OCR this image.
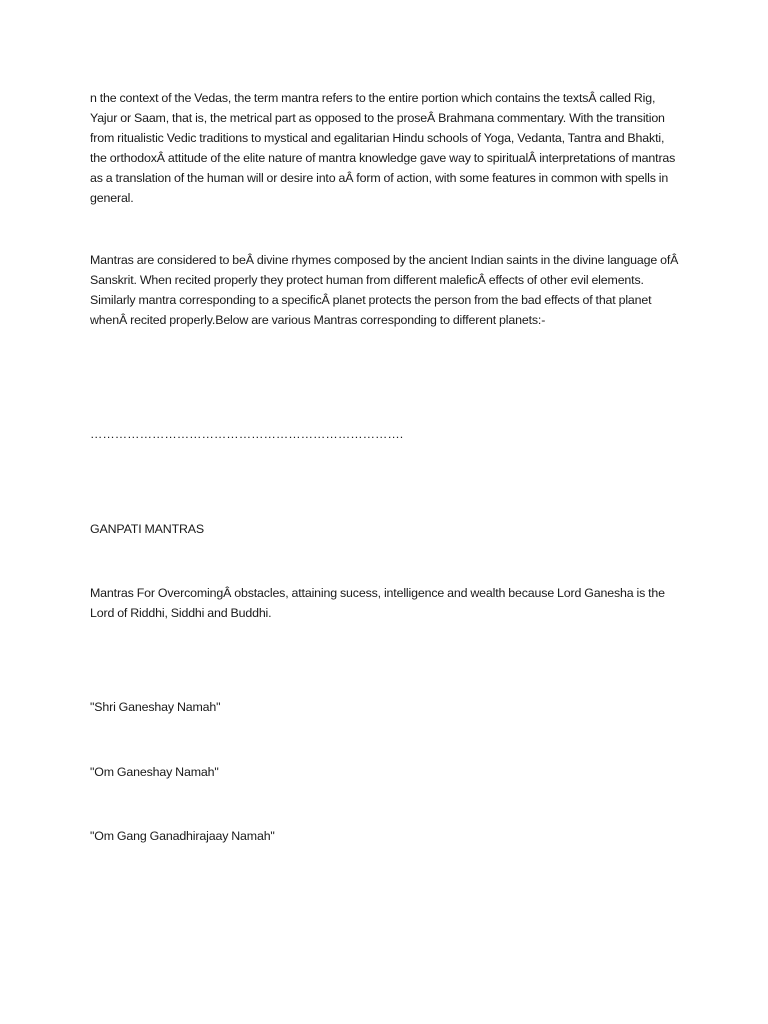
n the context of the Vedas, the term mantra refers to the entire portion which contains the textsÂ called Rig, Yajur or Saam, that is, the metrical part as opposed to the proseÂ Brahmana commentary. With the transition from ritualistic Vedic traditions to mystical and egalitarian Hindu schools of Yoga, Vedanta, Tantra and Bhakti, the orthodoxÂ attitude of the elite nature of mantra knowledge gave way to spiritualÂ interpretations of mantras as a translation of the human will or desire into aÂ form of action, with some features in common with spells in general.
Mantras are considered to beÂ divine rhymes composed by the ancient Indian saints in the divine language ofÂ Sanskrit. When recited properly they protect human from different maleficÂ effects of other evil elements. Similarly mantra corresponding to a specificÂ planet protects the person from the bad effects of that planet whenÂ recited properly.Below are various Mantras corresponding to different planets:-
………………………………………………………………….
GANPATI MANTRAS
Mantras For OvercomingÂ obstacles, attaining sucess, intelligence and wealth because Lord Ganesha is the Lord of Riddhi, Siddhi and Buddhi.
"Shri Ganeshay Namah"
"Om Ganeshay Namah"
"Om Gang Ganadhirajaay Namah"
